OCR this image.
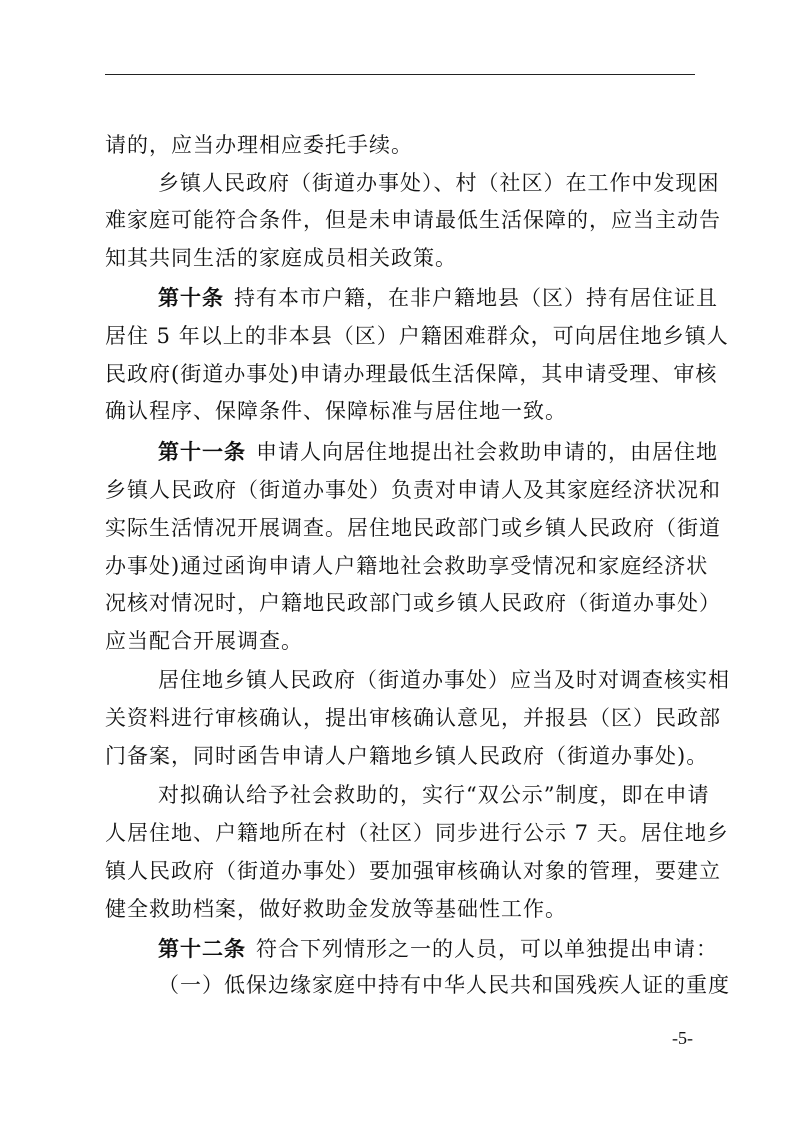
请的，应当办理相应委托手续。
乡镇人民政府（街道办事处）、村（社区）在工作中发现困
难家庭可能符合条件，但是未申请最低生活保障的，应当主动告
知其共同生活的家庭成员相关政策。
第十条 持有本市户籍，在非户籍地县（区）持有居住证且
居住 5 年以上的非本县（区）户籍困难群众，可向居住地乡镇人
民政府(街道办事处)申请办理最低生活保障，其申请受理、审核
确认程序、保障条件、保障标准与居住地一致。
第十一条 申请人向居住地提出社会救助申请的，由居住地
乡镇人民政府（街道办事处）负责对申请人及其家庭经济状况和
实际生活情况开展调查。居住地民政部门或乡镇人民政府（街道
办事处)通过函询申请人户籍地社会救助享受情况和家庭经济状
况核对情况时，户籍地民政部门或乡镇人民政府（街道办事处）
应当配合开展调查。
居住地乡镇人民政府（街道办事处）应当及时对调查核实相
关资料进行审核确认，提出审核确认意见，并报县（区）民政部
门备案，同时函告申请人户籍地乡镇人民政府（街道办事处)。
对拟确认给予社会救助的，实行“双公示”制度，即在申请
人居住地、户籍地所在村（社区）同步进行公示 7 天。居住地乡
镇人民政府（街道办事处）要加强审核确认对象的管理，要建立
健全救助档案，做好救助金发放等基础性工作。
第十二条 符合下列情形之一的人员，可以单独提出申请：
（一）低保边缘家庭中持有中华人民共和国残疾人证的重度
-5-
